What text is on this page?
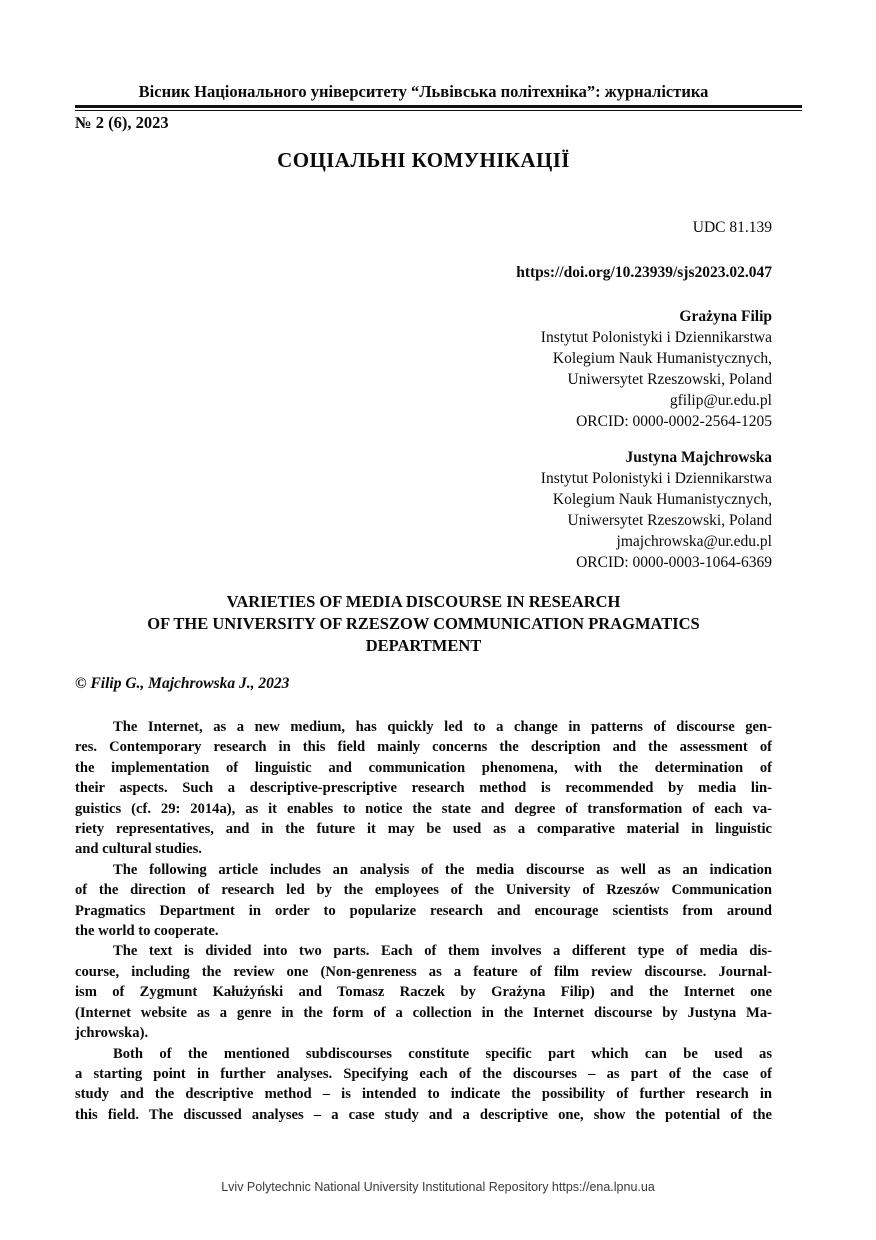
Вісник Національного університету “Львівська політехніка”: журналістика
№ 2 (6), 2023
СОЦІАЛЬНІ КОМУНІКАЦІЇ
UDC 81.139
https://doi.org/10.23939/sjs2023.02.047
Grażyna Filip
Instytut Polonistyki i Dziennikarstwa
Kolegium Nauk Humanistycznych,
Uniwersytet Rzeszowski, Poland
gfilip@ur.edu.pl
ORCID: 0000-0002-2564-1205
Justyna Majchrowska
Instytut Polonistyki i Dziennikarstwa
Kolegium Nauk Humanistycznych,
Uniwersytet Rzeszowski, Poland
jmajchrowska@ur.edu.pl
ORCID: 0000-0003-1064-6369
VARIETIES OF MEDIA DISCOURSE IN RESEARCH
OF THE UNIVERSITY OF RZESZOW COMMUNICATION PRAGMATICS
DEPARTMENT
© Filip G., Majchrowska J., 2023
The Internet, as a new medium, has quickly led to a change in patterns of discourse gen-
res. Contemporary research in this field mainly concerns the description and the assessment of
the implementation of linguistic and communication phenomena, with the determination of
their aspects. Such a descriptive-prescriptive research method is recommended by media lin-
guistics (cf. 29: 2014a), as it enables to notice the state and degree of transformation of each va-
riety representatives, and in the future it may be used as a comparative material in linguistic
and cultural studies.
The following article includes an analysis of the media discourse as well as an indication
of the direction of research led by the employees of the University of Rzeszów Communication
Pragmatics Department in order to popularize research and encourage scientists from around
the world to cooperate.
The text is divided into two parts. Each of them involves a different type of media dis-
course, including the review one (Non-genreness as a feature of film review discourse. Journal-
ism of Zygmunt Kałużyński and Tomasz Raczek by Grażyna Filip) and the Internet one
(Internet website as a genre in the form of a collection in the Internet discourse by Justyna Ma-
jchrowska).
Both of the mentioned subdiscourses constitute specific part which can be used as
a starting point in further analyses. Specifying each of the discourses – as part of the case of
study and the descriptive method – is intended to indicate the possibility of further research in
this field. The discussed analyses – a case study and a descriptive one, show the potential of the
Lviv Polytechnic National University Institutional Repository https://ena.lpnu.ua
